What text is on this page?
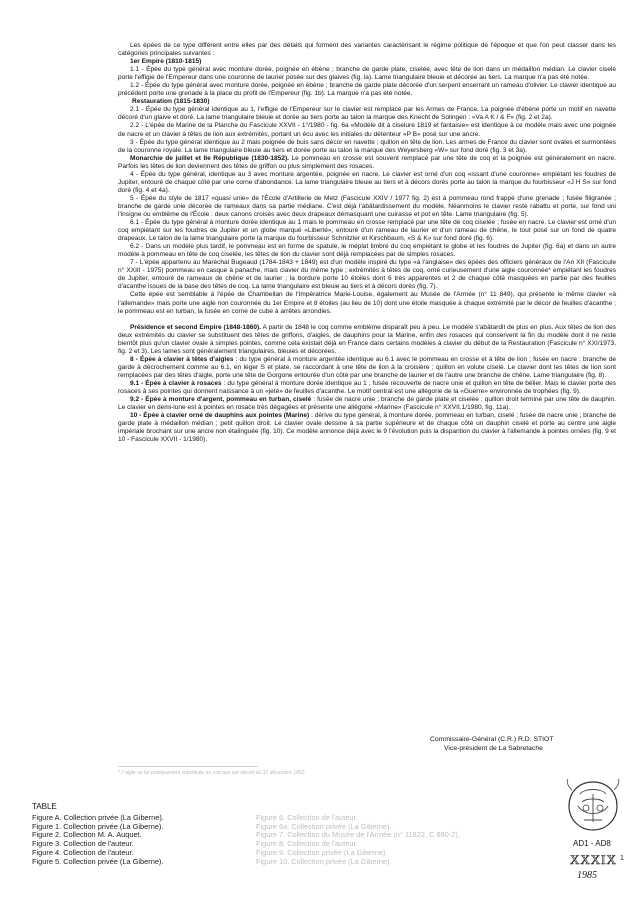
Les épées de ce type diffèrent entre elles par des détails qui forment des variantes caractérisant le régime politique de l'époque et que l'on peut classer dans les catégories principales suivantes :

1er Empire (1810-1815)

1.1 - Épée du type général avec monture dorée, poignée en ébène ; branche de garde plate, ciselée, avec tête de lion dans un médaillon médian. Le clavier ciselé porte l'effigie de l'Empereur dans une couronne de laurier posée sur des glaives (fig. la). Lame triangulaire bleuie et décorée au tiers. La marque n'a pas été notée.

1.2 - Épée du type général avec monture dorée, poignée en ébène ; branche de garde plate décorée d'un serpent enserrant un rameau d'olivier. Le clavier identique au précédent porte une grenade à la place du profil de l'Empereur (fig. 1b). La marque n'a pas été notée.

Restauration (1815-1830)

2.1 - Épée du type général identique au 1, l'effigie de l'Empereur sur le clavier est remplacé par les Armes de France. La poignée d'ébène porte un motif en navette décoré d'un glaive et doré. La lame triangulaire bleuie et dorée au tiers porte au talon la marque des Knecht de Solingen : «Va A K / & F» (fig. 2 et 2a).

2.2 - L'épée de Marine de la Planche du Fascicule XXVII - 1°/1980 - fig. 6a «Modèle dit à ciselure 1819 et fantaisie» est identique à ce modèle mais avec une poignée de nacre et un clavier à têtes de lion aux extrémités, portant un écu avec les initiales du détenteur «P B» posé sur une ancre.

3 - Épée du type général identique au 2 mais poignée de buis sans décor en navette ; quillon en tête de lion. Les armes de France du clavier sont ovales et surmontées de la couronne royale. La lame triangulaire bleuie au tiers et dorée porte au talon la marque des Weyersberg «W» sur fond doré (fig. 3 et 3a).

Monarchie de juillet et IIe République (1830-1852). Le pommeau en crosse est souvent remplacé par une tête de coq et la poignée est généralement en nacre. Parfois les têtes de lion deviennent des têtes de griffon ou plus simplement des rosaces.

4 - Épée du type général, identique au 3 avec monture argentée, poignée en nacre. Le clavier est orné d'un coq «issant d'une couronne» empiétant les foudres de Jupiter, entouré de chaque côté par une corne d'abondance. La lame triangulaire bleuie au tiers et à décors dorés porte au talon la marque du fourbisseur «J H S» sur fond doré (fig. 4 et 4a).

5 - Épée du style de 1817 «quasi unie» de l'École d'Artillerie de Metz (Fascicule XXIV / 1977 fig. 2) est à pommeau rond frappé d'une grenade ; fusée filigranée ; branche de garde unie décorée de rameaux dans sa partie médiane. C'est déjà l'abâtardissement du modèle. Néanmoins le clavier reste rabattu et porte, sur fond uni l'insigne ou emblème de l'École : deux canons croisés avec deux drapeaux démasquant une cuirasse et pot en tête. Lame triangulaire (fig. 5).

6.1 - Épée du type général à monture dorée identique au 1 mais le pommeau en crosse remplacé par une tête de coq ciselée ; fusée en nacre. Le clavier est orné d'un coq empiétant sur les foudres de Jupiter et un globe marqué «Liberté», entouré d'un rameau de laurier et d'un rameau de chêne, le tout posé sur un fond de quatre drapeaux. Le talon de la lame triangulaire porte la marque du fourbisseur Schnitzler et Kirschbaum, «S & K» sur fond doré (fig. 6).

6.2 - Dans un modèle plus tardif, le pommeau est en forme de spatule, le méplat timbré du coq empiétant le globe et les foudres de Jupiter (fig. 6a) et dans un autre modèle à pommeau en tête de coq ciselée, les têtes de lion du clavier sont déjà remplacées par de simples rosaces.

7 - L'épée appartenu au Maréchal Bugeaud (1784-1843 + 1849) est d'un modèle inspiré du type «à l'anglaise» des épées des officiers généraux de l'An XII (Fascicule n° XXIII - 1975) pommeau en casque à panache, mais clavier du même type ; extrémités à têtes de coq, orné curieusement d'une aigle couronnée* empiétant les foudres de Jupiter, entouré de rameaux de chêne et de laurier ; la bordure porte 10 étoiles dont 6 très apparentes et 2 de chaque côté masquées en partie par des feuilles d'acanthe issues de la base des têtes de coq. La lame triangulaire est bleuie au tiers et à décors dorés (fig. 7).

Cette épée est semblable à l'épée de Chambellan de l'Impératrice Marie-Louise, également au Musée de l'Armée (n° 11 849), qui présente le même clavier «à l'allemande» mais porte une aigle non couronnée du 1er Empire et 8 étoiles (au lieu de 10) dont une étoile masquée à chaque extrémité par le décor de feuilles d'acanthe ; le pommeau est en turban, la fusée en corne de cube à arrêtes arrondies.

Présidence et second Empire (1848-1860). A partir de 1848 le coq comme emblème disparaît peu à peu. Le modèle s'abâtardit de plus en plus. Aux têtes de lion des deux extrémités du clavier se substituent des têtes de griffons, d'aigles, de dauphins pour la Marine, enfin des rosaces qui conservent la fin du modèle dont il ne reste bientôt plus qu'un clavier ovale à simples pointes, comme cela existait déjà en France dans certains modèles à clavier du début de la Restauration (Fascicule n° XXI/1973, fig. 2 et 3). Les lames sont généralement triangulaires, bleuies et décorées.

8 - Épée à clavier à têtes d'aigles : du type général à monture argentée identique au 6.1 avec le pommeau en crosse et à tête de lion ; fusée en nacre ; branche de garde à décrochement comme au 6.1, en léger S et plate, se raccordant à une tête de lion à la croisière ; quillon en volute ciselé. Le clavier dont les têtes de lion sont remplacées par des têtes d'aigle, porte une tête de Gorgone entourée d'un côté par une branche de laurier et de l'autre une branche de chêne. Lame triangulaire (fig. 8).

9.1 - Épée à clavier à rosaces : du type général à monture dorée identique au 1 ; fusée recouverte de nacre unie et quillon en tête de bélier. Mais le clavier porte des rosaces à ses pointes qui donnent naissance à un «jeté» de feuilles d'acanthe. Le motif central est une allégorie de la «Guerre» environnée de trophées (fig. 9).

9.2 - Épée à monture d'argent, pommeau en turban, ciselé : fusée de nacre unie ; branche de garde plate et ciselée ; quillon droit terminé par une tête de dauphin. Le clavier en demi-lune est à pointes en rosace très dégagées et présente une allégorie «Marine» (Fascicule n° XXVII.1/1980, fig. 11a).

10 - Épée à clavier orné de dauphins aux pointes (Marine) : dérive du type général, à monture dorée, pommeau en turban, ciselé ; fusée de nacre unie ; branche de garde plate à médaillon médian ; petit quillon droit. Le clavier ovale dessine à sa partie supérieure et de chaque côté un dauphin ciselé et porte au centre une aigle impériale brochant sur une ancre non étalinguée (fig. 10). Ce modèle annonce déjà avec le 9 l'évolution puis la disparition du clavier à l'allemande à pointes ornées (fig. 9 et 10 - Fascicule XXVII - 1/1980).

Commissaire-Général (C.R.) R.D. STIOT
Vice-président de La Sabretache
* L'aigle ne fut pratiquement substituée au coq que par décret du 31 décembre 1852.
TABLE
Figure A. Collection privée (La Giberne).
Figure 1. Collection privée (La Giberne).
Figure 2. Collection M. A. Auquet.
Figure 3. Collection de l'auteur.
Figure 4. Collection de l'auteur.
Figure 5. Collection privée (La Giberne).
Figure 6. Collection de l'auteur.
Figure 6a. Collection privée (La Giberne).
Figure 7. Collection du Musée de l'Armée (n° 11822, C 880-2).
Figure 8. Collection de l'auteur.
Figure 9. Collection privée (La Giberne).
Figure 10. Collection privée (La Giberne).
AD1 - AD8
XXXIX 1
1985
